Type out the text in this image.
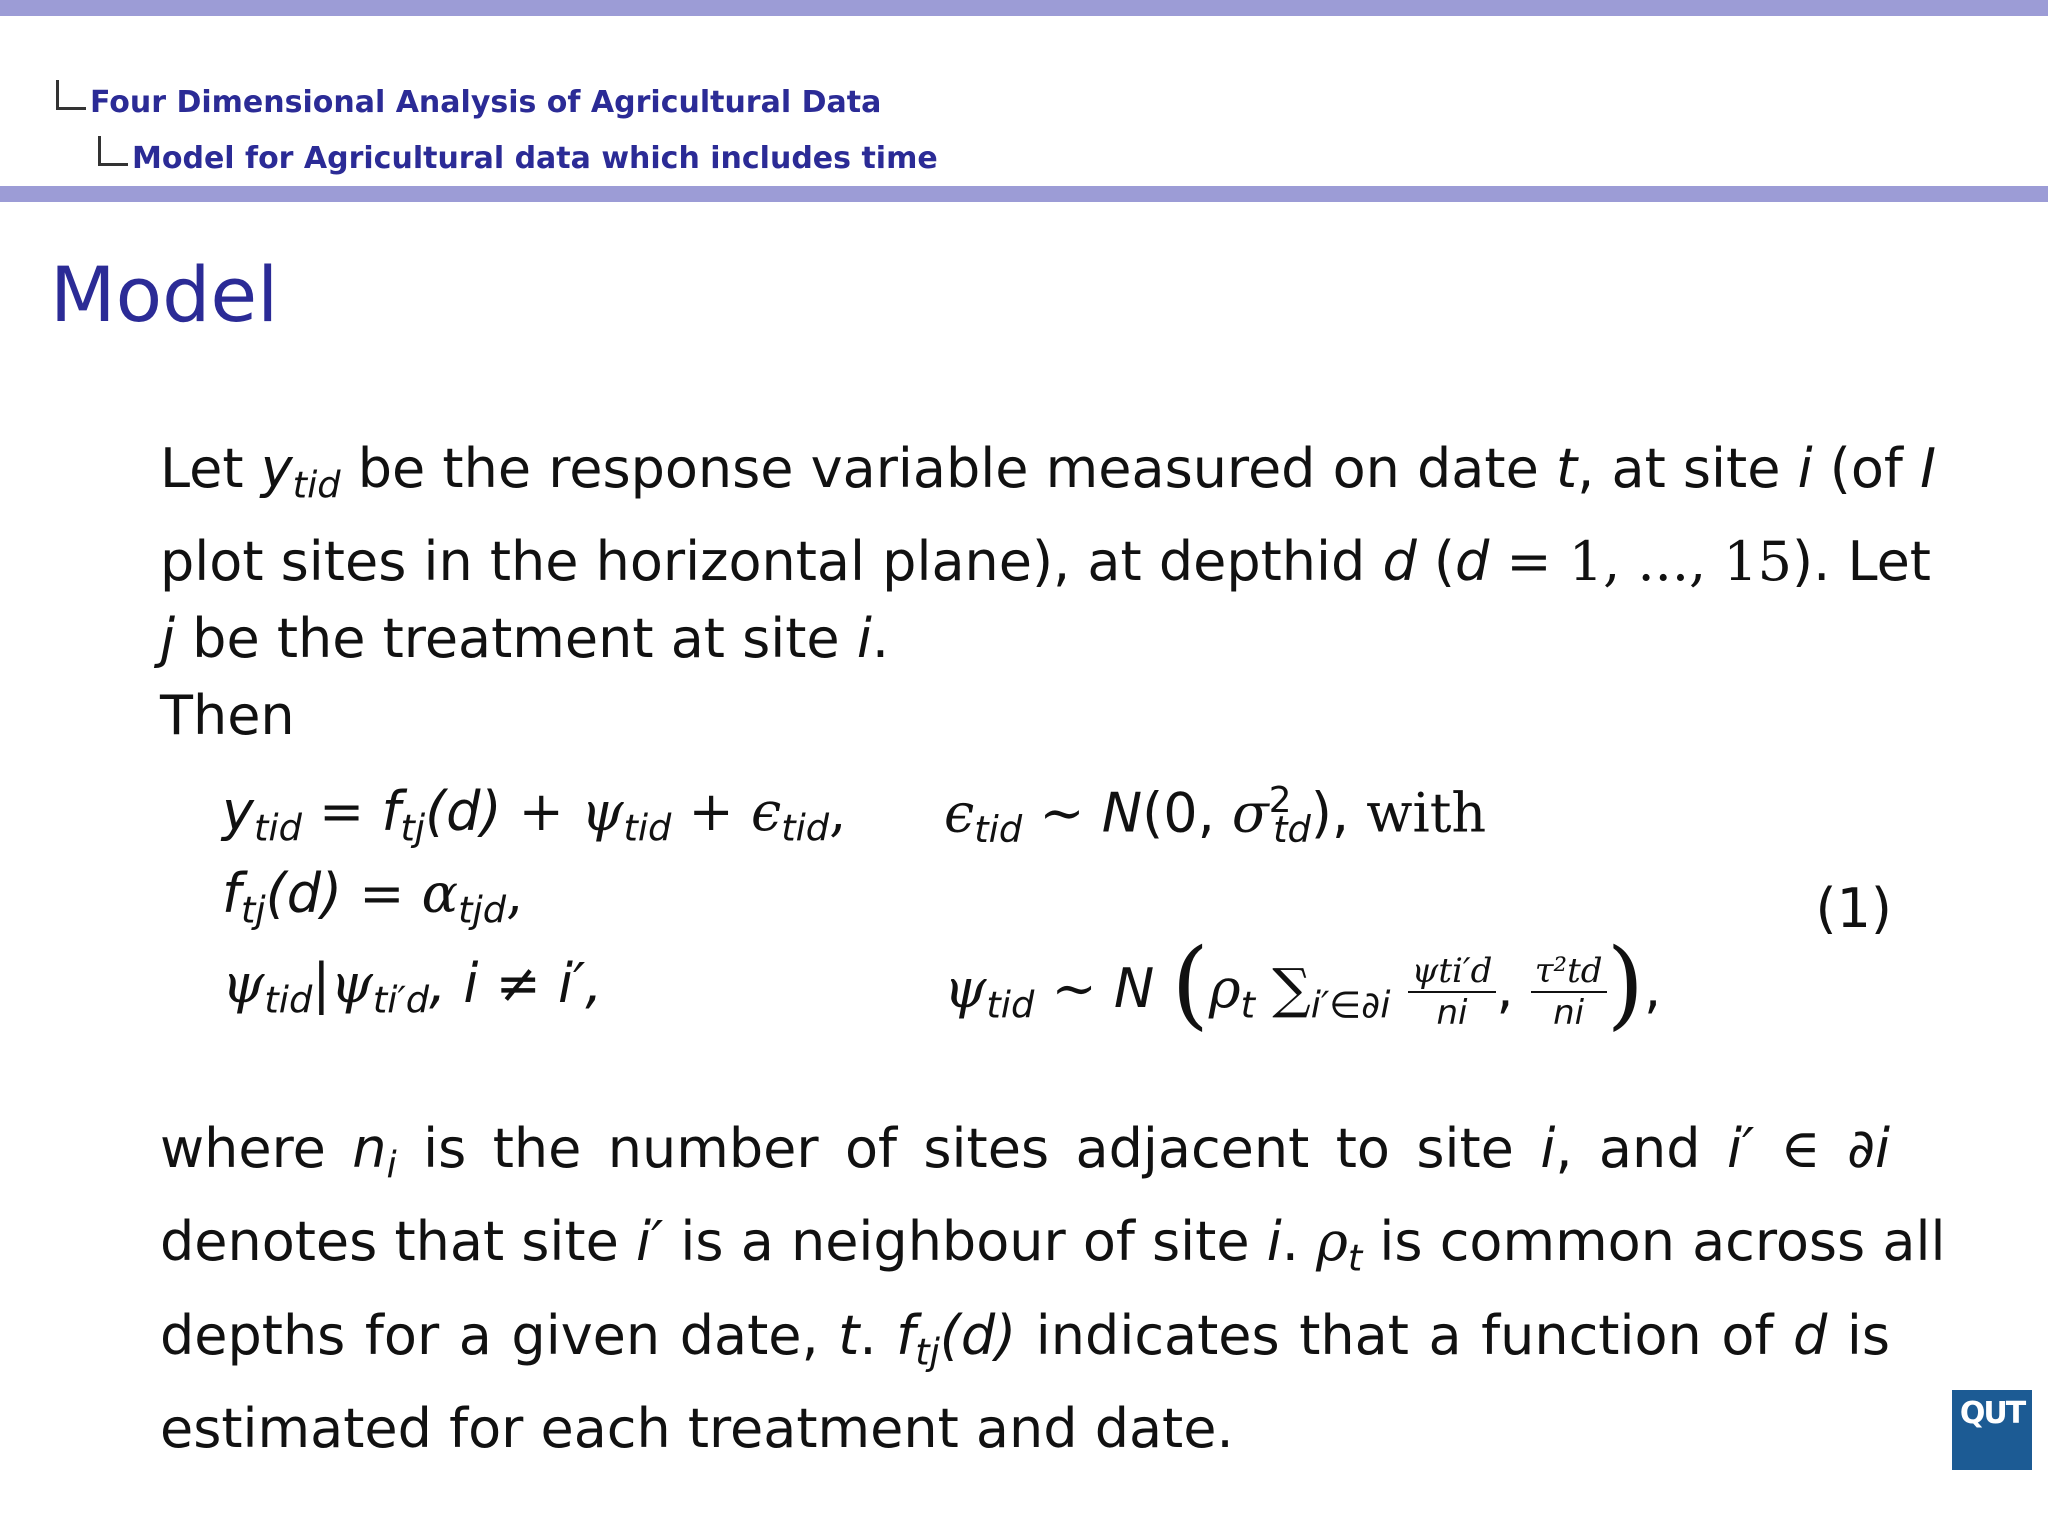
Four Dimensional Analysis of Agricultural Data
Model for Agricultural data which includes time
Model
Let $y_{tid}$ be the response variable measured on date t, at site i (of I
plot sites in the horizontal plane), at depthid d (d = 1, ..., 15). Let
j be the treatment at site i.
Then
$y_{tid} = f_{tj}(d) + \psi_{tid} + \epsilon_{tid}$, $\epsilon_{tid}$ ∼ N(0, $\sigma^2_{td}$), with
$f_{tj}(d) = \alpha_{tjd}$,
$\psi_{tid}|\psi_{ti'd}$, i ≠ i′,	$\psi_{tid}$ ∼ N ($\rho_t$ $\sum_{i'\in\partial i} \frac{\text{ψti′d}}{ni}$ , $\frac{\text{τ²td}}{ni}$ ),
(1)
where $n_i$ is the number of sites adjacent to site i, and i′ ∈ ∂i
denotes that site i′ is a neighbour of site i. $\rho_t$ is common across all
depths for a given date, t. $f_{tj}(d)$ indicates that a function of d is
estimated for each treatment and date.	QUT
